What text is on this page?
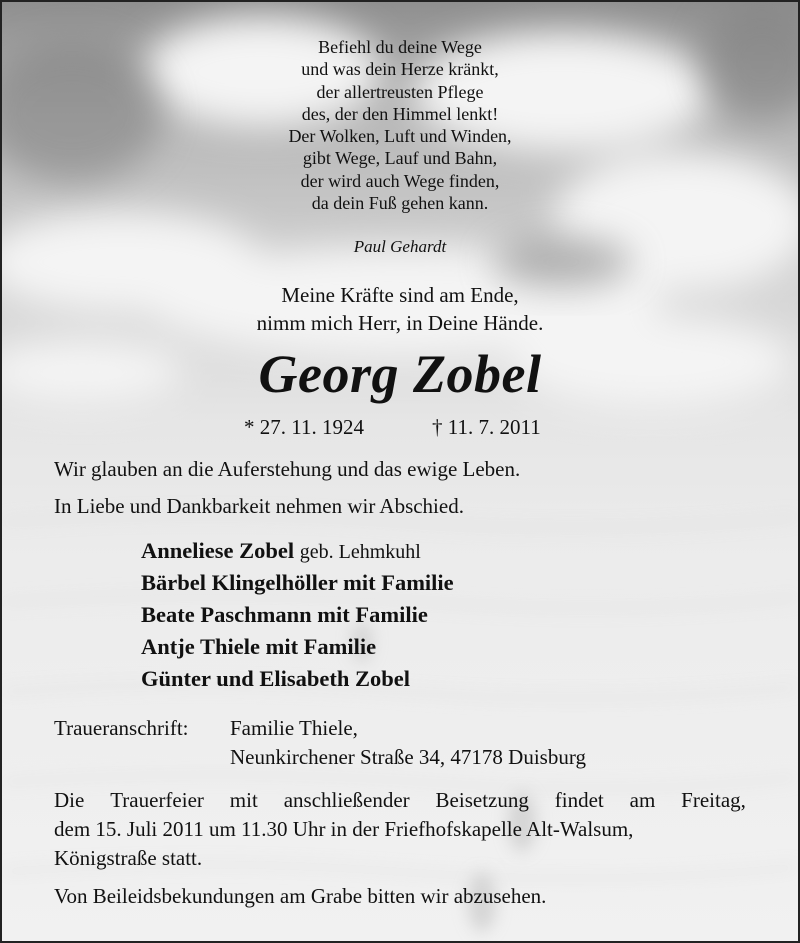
Befiehl du deine Wege
und was dein Herze kränkt,
der allertreusten Pflege
des, der den Himmel lenkt!
Der Wolken, Luft und Winden,
gibt Wege, Lauf und Bahn,
der wird auch Wege finden,
da dein Fuß gehen kann.
Paul Gehardt
Meine Kräfte sind am Ende,
nimm mich Herr, in Deine Hände.
Georg Zobel
* 27. 11. 1924	† 11. 7. 2011
Wir glauben an die Auferstehung und das ewige Leben.
In Liebe und Dankbarkeit nehmen wir Abschied.
Anneliese Zobel geb. Lehmkuhl
Bärbel Klingelhöller mit Familie
Beate Paschmann mit Familie
Antje Thiele mit Familie
Günter und Elisabeth Zobel
Traueranschrift: Familie Thiele,
Neunkirchener Straße 34, 47178 Duisburg
Die Trauerfeier mit anschließender Beisetzung findet am Freitag,
dem 15. Juli 2011 um 11.30 Uhr in der Friefhofskapelle Alt-Walsum,
Königstraße statt.
Von Beileidsbekundungen am Grabe bitten wir abzusehen.
